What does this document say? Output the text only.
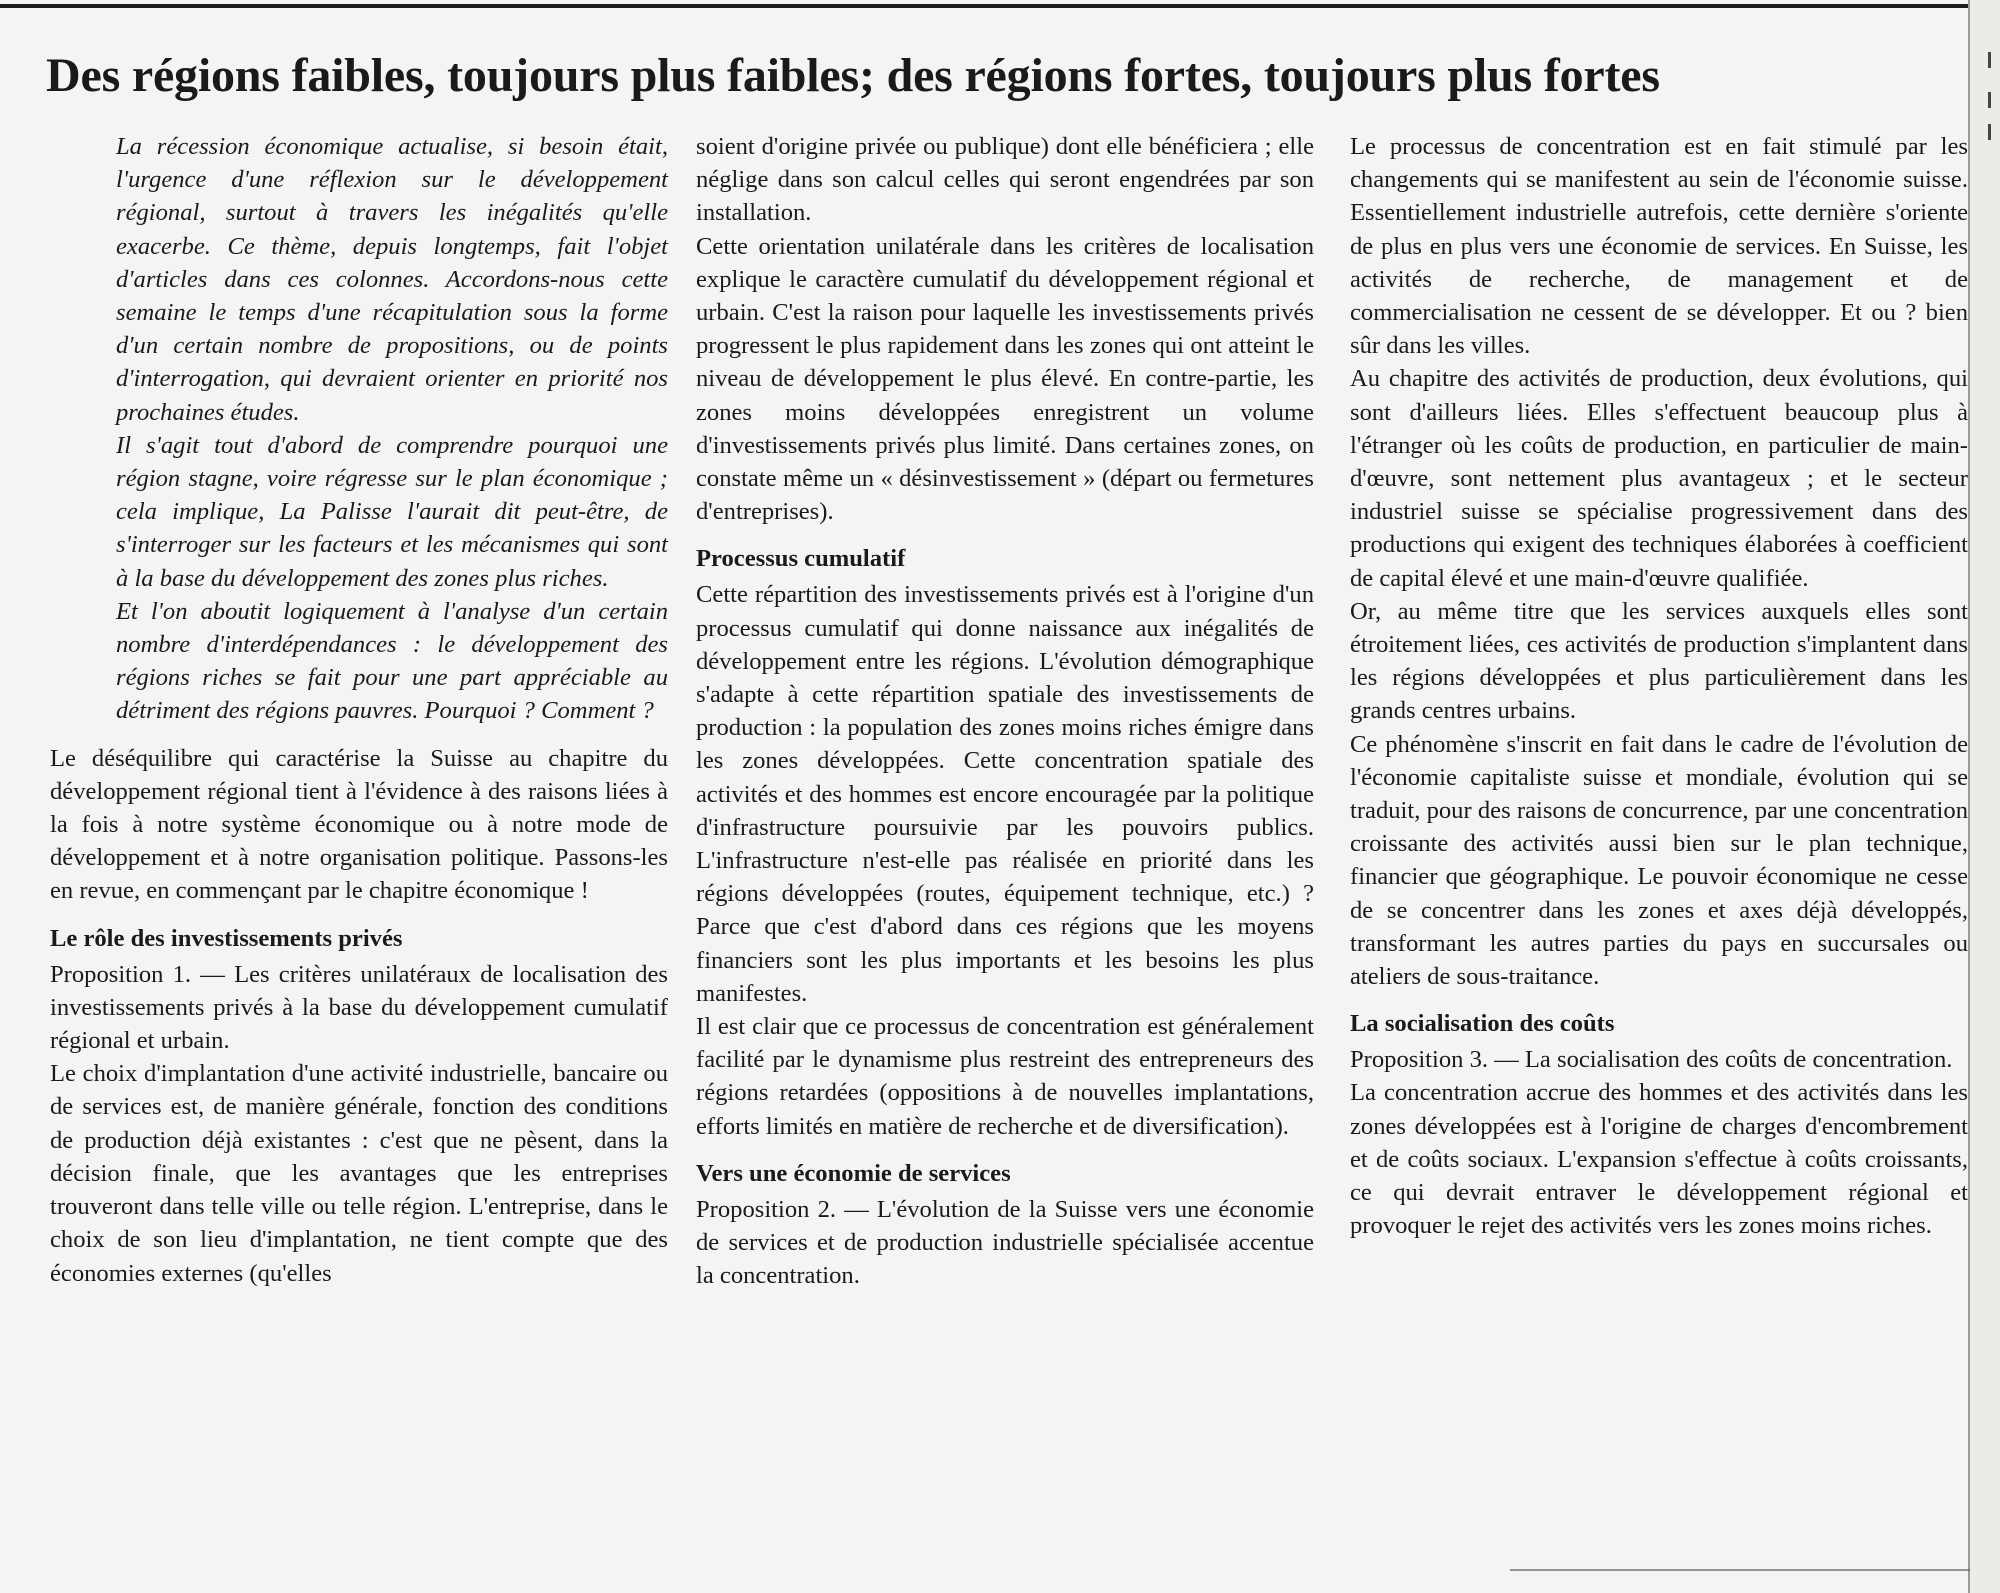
Des régions faibles, toujours plus faibles; des régions fortes, toujours plus fortes

La récession économique actualise, si besoin était, l'urgence d'une réflexion sur le développement régional, surtout à travers les inégalités qu'elle exacerbe. Ce thème, depuis longtemps, fait l'objet d'articles dans ces colonnes. Accordons-nous cette semaine le temps d'une récapitulation sous la forme d'un certain nombre de propositions, ou de points d'interrogation, qui devraient orienter en priorité nos prochaines études.

Il s'agit tout d'abord de comprendre pourquoi une région stagne, voire régresse sur le plan économique ; cela implique, La Palisse l'aurait dit peut-être, de s'interroger sur les facteurs et les mécanismes qui sont à la base du développement des zones plus riches.

Et l'on aboutit logiquement à l'analyse d'un certain nombre d'interdépendances : le développement des régions riches se fait pour une part appréciable au détriment des régions pauvres. Pourquoi ? Comment ?

Le déséquilibre qui caractérise la Suisse au chapitre du développement régional tient à l'évidence à des raisons liées à la fois à notre système économique ou à notre mode de développement et à notre organisation politique. Passons-les en revue, en commençant par le chapitre économique !

Le rôle des investissements privés

Proposition 1. — Les critères unilatéraux de localisation des investissements privés à la base du développement cumulatif régional et urbain.

Le choix d'implantation d'une activité industrielle, bancaire ou de services est, de manière générale, fonction des conditions de production déjà existantes : c'est que ne pèsent, dans la décision finale, que les avantages que les entreprises trouveront dans telle ville ou telle région. L'entreprise, dans le choix de son lieu d'implantation, ne tient compte que des économies externes (qu'elles

soient d'origine privée ou publique) dont elle bénéficiera ; elle néglige dans son calcul celles qui seront engendrées par son installation.

Cette orientation unilatérale dans les critères de localisation explique le caractère cumulatif du développement régional et urbain. C'est la raison pour laquelle les investissements privés progressent le plus rapidement dans les zones qui ont atteint le niveau de développement le plus élevé. En contre-partie, les zones moins développées enregistrent un volume d'investissements privés plus limité. Dans certaines zones, on constate même un « désinvestissement » (départ ou fermetures d'entreprises).

Processus cumulatif

Cette répartition des investissements privés est à l'origine d'un processus cumulatif qui donne naissance aux inégalités de développement entre les régions. L'évolution démographique s'adapte à cette répartition spatiale des investissements de production : la population des zones moins riches émigre dans les zones développées. Cette concentration spatiale des activités et des hommes est encore encouragée par la politique d'infrastructure poursuivie par les pouvoirs publics. L'infrastructure n'est-elle pas réalisée en priorité dans les régions développées (routes, équipement technique, etc.) ? Parce que c'est d'abord dans ces régions que les moyens financiers sont les plus importants et les besoins les plus manifestes.

Il est clair que ce processus de concentration est généralement facilité par le dynamisme plus restreint des entrepreneurs des régions retardées (oppositions à de nouvelles implantations, efforts limités en matière de recherche et de diversification).

Vers une économie de services

Proposition 2. — L'évolution de la Suisse vers une économie de services et de production industrielle spécialisée accentue la concentration.

Le processus de concentration est en fait stimulé par les changements qui se manifestent au sein de l'économie suisse. Essentiellement industrielle autrefois, cette dernière s'oriente de plus en plus vers une économie de services. En Suisse, les activités de recherche, de management et de commercialisation ne cessent de se développer. Et ou ? bien sûr dans les villes.

Au chapitre des activités de production, deux évolutions, qui sont d'ailleurs liées. Elles s'effectuent beaucoup plus à l'étranger où les coûts de production, en particulier de main-d'œuvre, sont nettement plus avantageux ; et le secteur industriel suisse se spécialise progressivement dans des productions qui exigent des techniques élaborées à coefficient de capital élevé et une main-d'œuvre qualifiée.

Or, au même titre que les services auxquels elles sont étroitement liées, ces activités de production s'implantent dans les régions développées et plus particulièrement dans les grands centres urbains.

Ce phénomène s'inscrit en fait dans le cadre de l'évolution de l'économie capitaliste suisse et mondiale, évolution qui se traduit, pour des raisons de concurrence, par une concentration croissante des activités aussi bien sur le plan technique, financier que géographique. Le pouvoir économique ne cesse de se concentrer dans les zones et axes déjà développés, transformant les autres parties du pays en succursales ou ateliers de sous-traitance.

La socialisation des coûts

Proposition 3. — La socialisation des coûts de concentration.

La concentration accrue des hommes et des activités dans les zones développées est à l'origine de charges d'encombrement et de coûts sociaux. L'expansion s'effectue à coûts croissants, ce qui devrait entraver le développement régional et provoquer le rejet des activités vers les zones moins riches.
